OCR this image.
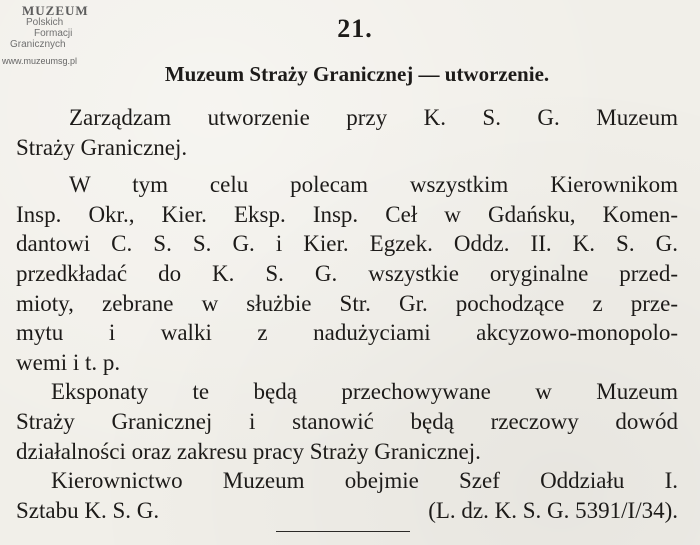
MUZEUM
Polskich
Formacji
Granicznych
www.muzeumsg.pl
21.
Muzeum Straży Granicznej — utworzenie.
Zarządzam utworzenie przy K. S. G. Muzeum
Straży Granicznej.
W tym celu polecam wszystkim Kierownikom
Insp. Okr., Kier. Eksp. Insp. Ceł w Gdańsku, Komen-
dantowi C. S. S. G. i Kier. Egzek. Oddz. II. K. S. G.
przedkładać do K. S. G. wszystkie oryginalne przed-
mioty, zebrane w służbie Str. Gr. pochodzące z prze-
mytu i walki z nadużyciami akcyzowo-monopolo-
wemi i t. p.
Eksponaty te będą przechowywane w Muzeum
Straży Granicznej i stanowić będą rzeczowy dowód
działalności oraz zakresu pracy Straży Granicznej.
Kierownictwo Muzeum obejmie Szef Oddziału I.
Sztabu K. S. G.	(L. dz. K. S. G. 5391/I/34).
